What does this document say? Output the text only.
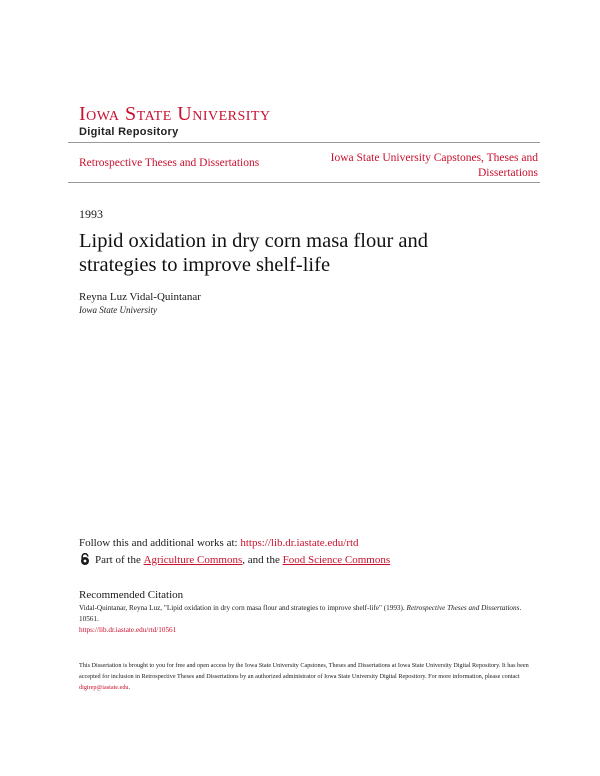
Iowa State University
Digital Repository
Retrospective Theses and Dissertations	Iowa State University Capstones, Theses and Dissertations
1993
Lipid oxidation in dry corn masa flour and strategies to improve shelf-life
Reyna Luz Vidal-Quintanar
Iowa State University
Follow this and additional works at: https://lib.dr.iastate.edu/rtd
Part of the
Agriculture Commons , and the
Food Science Commons
Recommended Citation
Vidal-Quintanar, Reyna Luz, "Lipid oxidation in dry corn masa flour and strategies to improve shelf-life" (1993). Retrospective Theses and Dissertations. 10561.
https://lib.dr.iastate.edu/rtd/10561
This Dissertation is brought to you for free and open access by the Iowa State University Capstones, Theses and Dissertations at Iowa State University Digital Repository. It has been accepted for inclusion in Retrospective Theses and Dissertations by an authorized administrator of Iowa State University Digital Repository. For more information, please contact digirep@iastate.edu.
